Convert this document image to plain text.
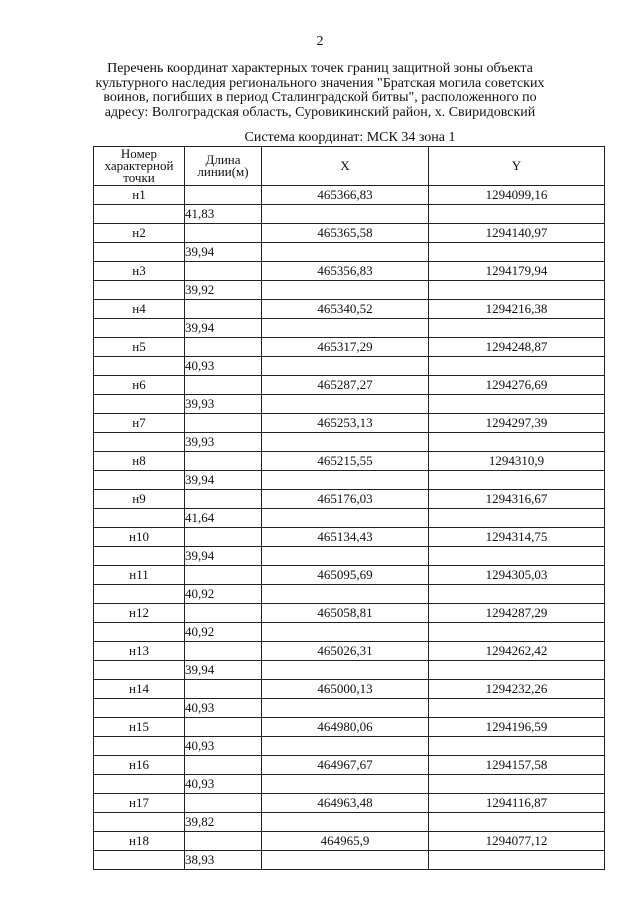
2
Перечень координат характерных точек границ защитной зоны объекта культурного наследия регионального значения "Братская могила советских воинов, погибших в период Сталинградской битвы", расположенного по адресу: Волгоградская область, Суровикинский район, х. Свиридовский
Система координат: МСК 34 зона 1
Номер характерной точки	Длина линии(м)	X	Y
н1		465366,83	1294099,16
	41,83		
н2		465365,58	1294140,97
	39,94		
н3		465356,83	1294179,94
	39,92		
н4		465340,52	1294216,38
	39,94		
н5		465317,29	1294248,87
	40,93		
н6		465287,27	1294276,69
	39,93		
н7		465253,13	1294297,39
	39,93		
н8		465215,55	1294310,9
	39,94		
н9		465176,03	1294316,67
	41,64		
н10		465134,43	1294314,75
	39,94		
н11		465095,69	1294305,03
	40,92		
н12		465058,81	1294287,29
	40,92		
н13		465026,31	1294262,42
	39,94		
н14		465000,13	1294232,26
	40,93		
н15		464980,06	1294196,59
	40,93		
н16		464967,67	1294157,58
	40,93		
н17		464963,48	1294116,87
	39,82		
н18		464965,9	1294077,12
	38,93		
